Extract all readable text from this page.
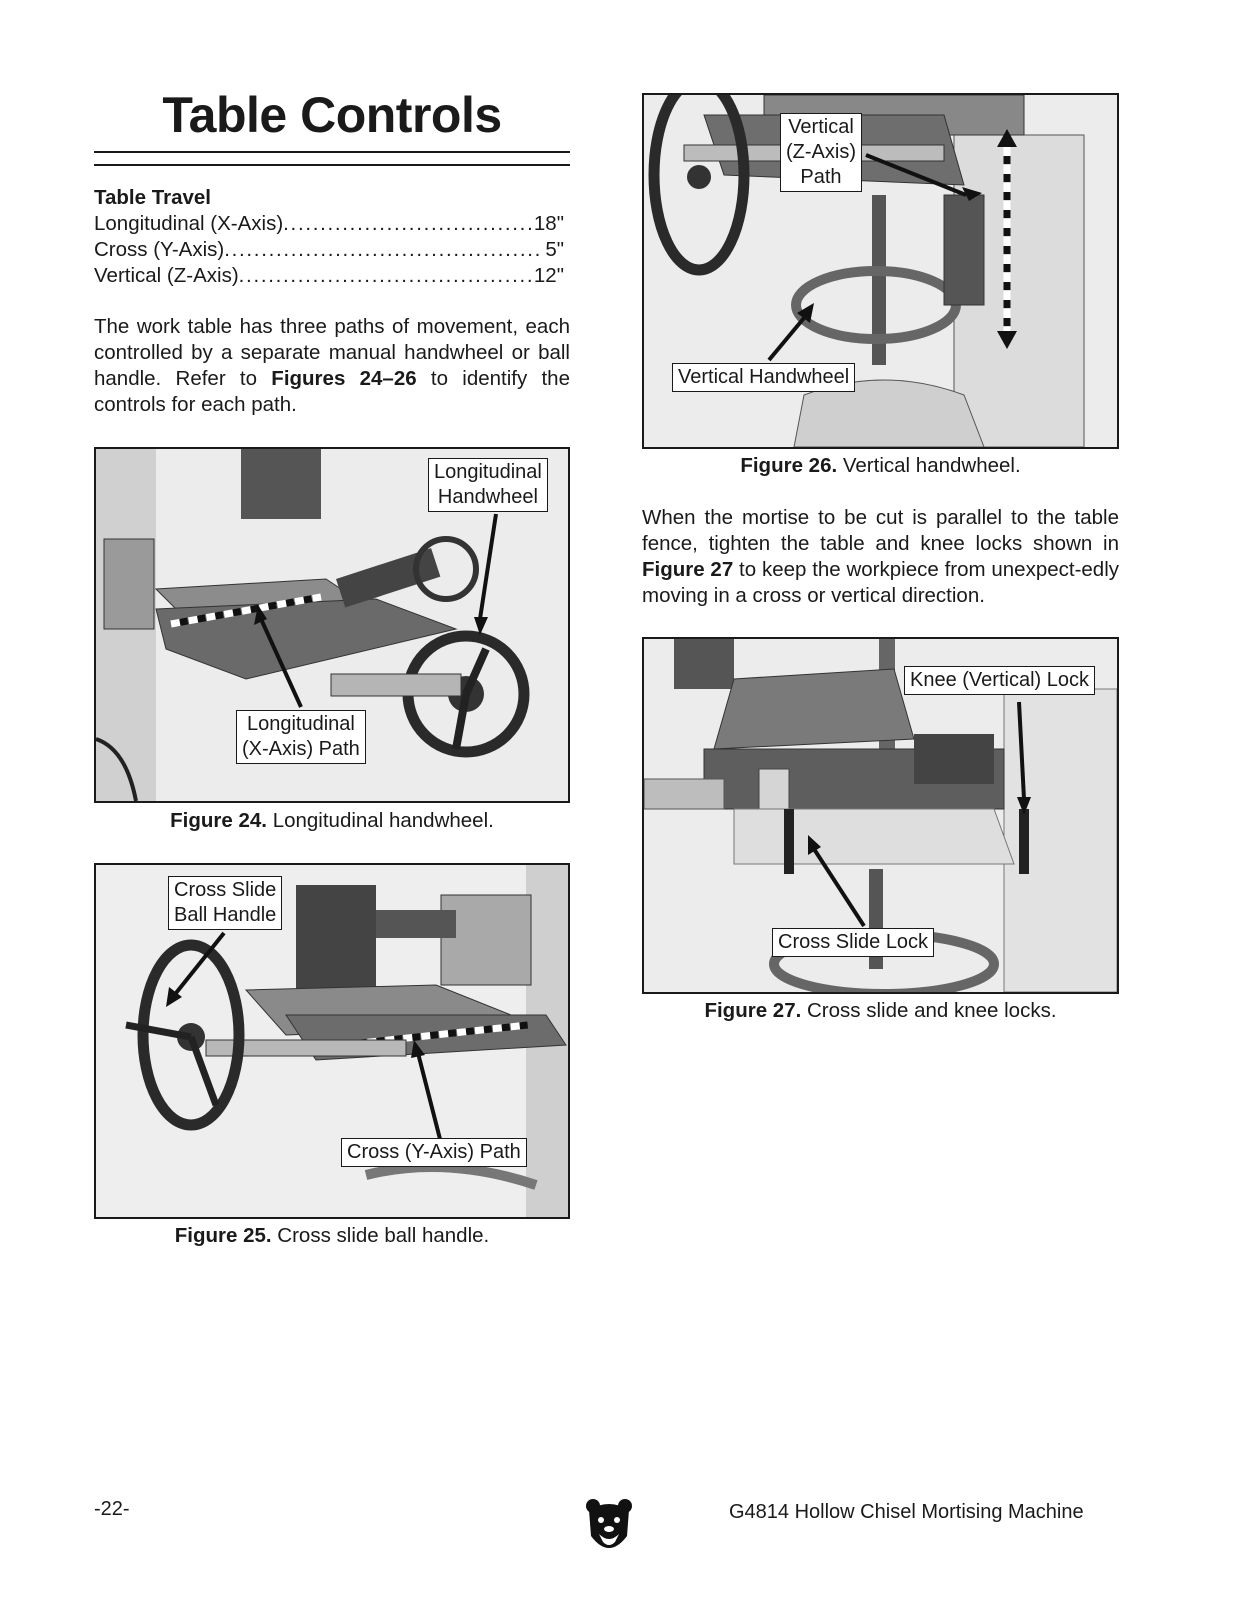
Table Controls
Table Travel
Longitudinal (X-Axis) . . .	18"
Cross (Y-Axis) . . .	5"
Vertical (Z-Axis) . . .	12"

The work table has three paths of movement, each controlled by a separate manual handwheel or ball handle. Refer to Figures 24–26 to identify the controls for each path.

Longitudinal
Handwheel
Longitudinal
(X-Axis) Path
Figure 24. Longitudinal handwheel.
Cross Slide
Ball Handle
Cross (Y-Axis) Path
Figure 25. Cross slide ball handle.
Vertical
(Z-Axis)
Path
Vertical Handwheel
Figure 26. Vertical handwheel.

When the mortise to be cut is parallel to the table fence, tighten the table and knee locks shown in Figure 27 to keep the workpiece from unexpect-edly moving in a cross or vertical direction.

Knee (Vertical) Lock
Cross Slide Lock
Figure 27. Cross slide and knee locks.
-22-	G4814 Hollow Chisel Mortising Machine
